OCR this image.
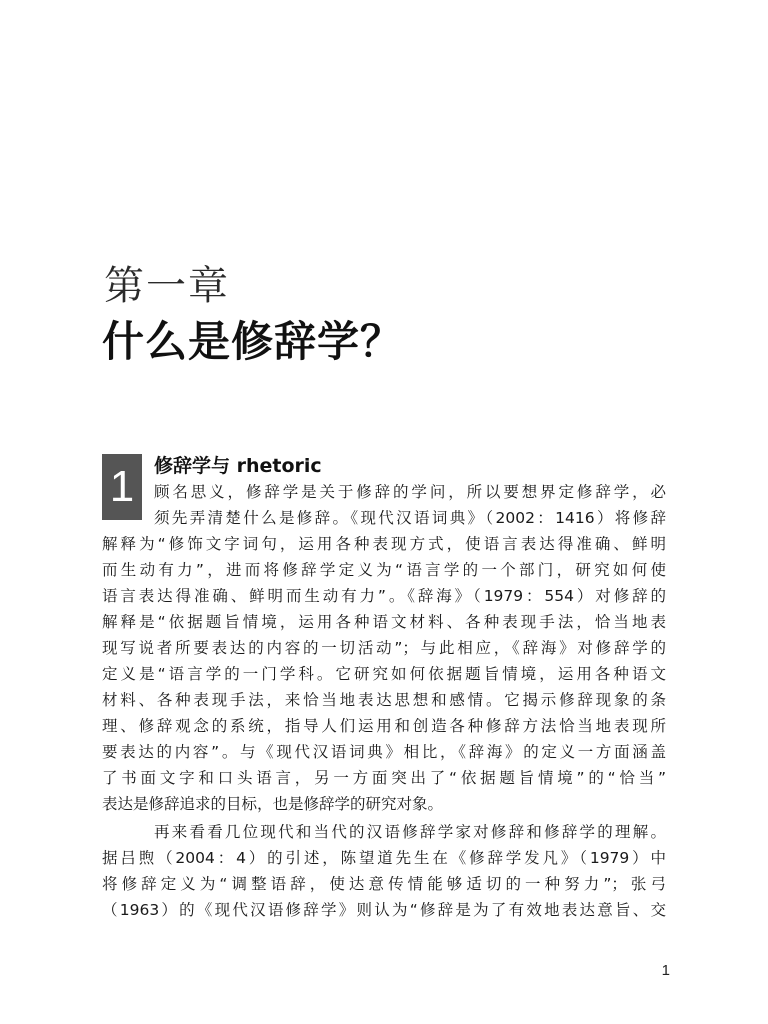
第一章
什么是修辞学？
1	修辞学与 rhetoric
顾名思义，修辞学是关于修辞的学问，所以要想界定修辞学，必
须先弄清楚什么是修辞。《现代汉语词典》（2002：1416）将修辞
解释为“修饰文字词句，运用各种表现方式，使语言表达得准确、鲜明
而生动有力”，进而将修辞学定义为“语言学的一个部门，研究如何使
语言表达得准确、鲜明而生动有力”。《辞海》（1979：554）对修辞的
解释是“依据题旨情境，运用各种语文材料、各种表现手法，恰当地表
现写说者所要表达的内容的一切活动”；与此相应，《辞海》对修辞学的
定义是“语言学的一门学科。它研究如何依据题旨情境，运用各种语文
材料、各种表现手法，来恰当地表达思想和感情。它揭示修辞现象的条
理、修辞观念的系统，指导人们运用和创造各种修辞方法恰当地表现所
要表达的内容”。与《现代汉语词典》相比，《辞海》的定义一方面涵盖
了书面文字和口头语言，另一方面突出了“依据题旨情境”的“恰当”
表达是修辞追求的目标，也是修辞学的研究对象。
再来看看几位现代和当代的汉语修辞学家对修辞和修辞学的理解。
据吕煦（2004：4）的引述，陈望道先生在《修辞学发凡》（1979）中
将修辞定义为“调整语辞，使达意传情能够适切的一种努力”；张弓
（1963）的《现代汉语修辞学》则认为“修辞是为了有效地表达意旨、交
1
